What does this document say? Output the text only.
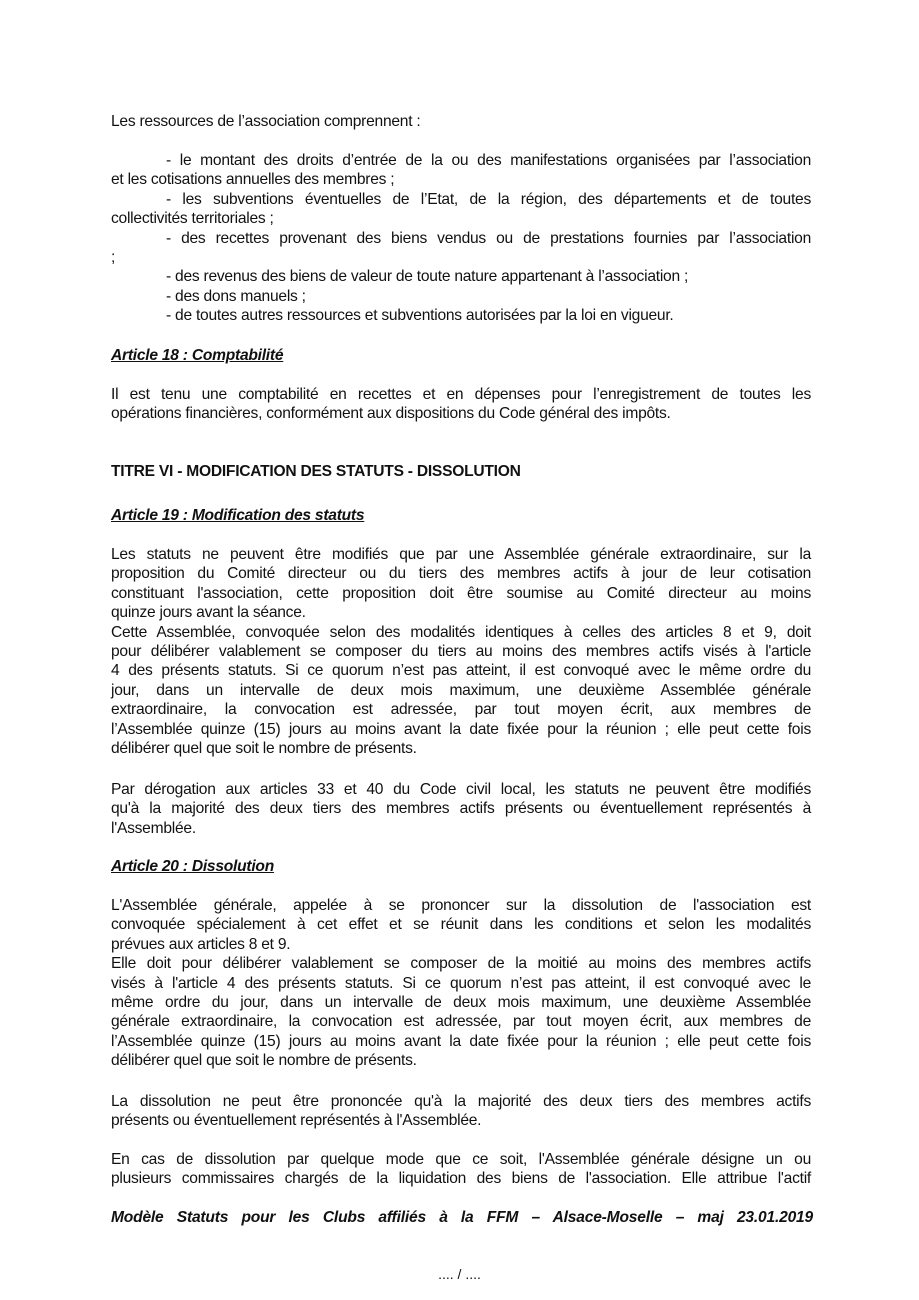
Les ressources de l’association comprennent :
- le montant des droits d’entrée de la ou des manifestations organisées par l’association
et les cotisations annuelles des membres ;
- les subventions éventuelles de l’Etat, de la région, des départements et de toutes
collectivités territoriales ;
- des recettes provenant des biens vendus ou de prestations fournies par l’association
;
- des revenus des biens de valeur de toute nature appartenant à l’association ;
- des dons manuels ;
- de toutes autres ressources et subventions autorisées par la loi en vigueur.
Article 18 : Comptabilité
Il est tenu une comptabilité en recettes et en dépenses pour l’enregistrement de toutes les
opérations financières, conformément aux dispositions du Code général des impôts.
TITRE VI - MODIFICATION DES STATUTS - DISSOLUTION
Article 19 : Modification des statuts
Les statuts ne peuvent être modifiés que par une Assemblée générale extraordinaire, sur la
proposition du Comité directeur ou du tiers des membres actifs à jour de leur cotisation
constituant l'association, cette proposition doit être soumise au Comité directeur au moins
quinze jours avant la séance.
Cette Assemblée, convoquée selon des modalités identiques à celles des articles 8 et 9, doit
pour délibérer valablement se composer du tiers au moins des membres actifs visés à l'article
4 des présents statuts. Si ce quorum n’est pas atteint, il est convoqué avec le même ordre du
jour, dans un intervalle de deux mois maximum, une deuxième Assemblée générale
extraordinaire, la convocation est adressée, par tout moyen écrit, aux membres de
l’Assemblée quinze (15) jours au moins avant la date fixée pour la réunion ; elle peut cette fois
délibérer quel que soit le nombre de présents.
Par dérogation aux articles 33 et 40 du Code civil local, les statuts ne peuvent être modifiés
qu'à la majorité des deux tiers des membres actifs présents ou éventuellement représentés à
l'Assemblée.
Article 20 : Dissolution
L'Assemblée générale, appelée à se prononcer sur la dissolution de l'association est
convoquée spécialement à cet effet et se réunit dans les conditions et selon les modalités
prévues aux articles 8 et 9.
Elle doit pour délibérer valablement se composer de la moitié au moins des membres actifs
visés à l'article 4 des présents statuts. Si ce quorum n’est pas atteint, il est convoqué avec le
même ordre du jour, dans un intervalle de deux mois maximum, une deuxième Assemblée
générale extraordinaire, la convocation est adressée, par tout moyen écrit, aux membres de
l’Assemblée quinze (15) jours au moins avant la date fixée pour la réunion ; elle peut cette fois
délibérer quel que soit le nombre de présents.
La dissolution ne peut être prononcée qu'à la majorité des deux tiers des membres actifs
présents ou éventuellement représentés à l'Assemblée.
En cas de dissolution par quelque mode que ce soit, l'Assemblée générale désigne un ou
plusieurs commissaires chargés de la liquidation des biens de l'association. Elle attribue l'actif
Modèle Statuts pour les Clubs affiliés à la FFM – Alsace-Moselle – maj 23.01.2019
.... / ....
